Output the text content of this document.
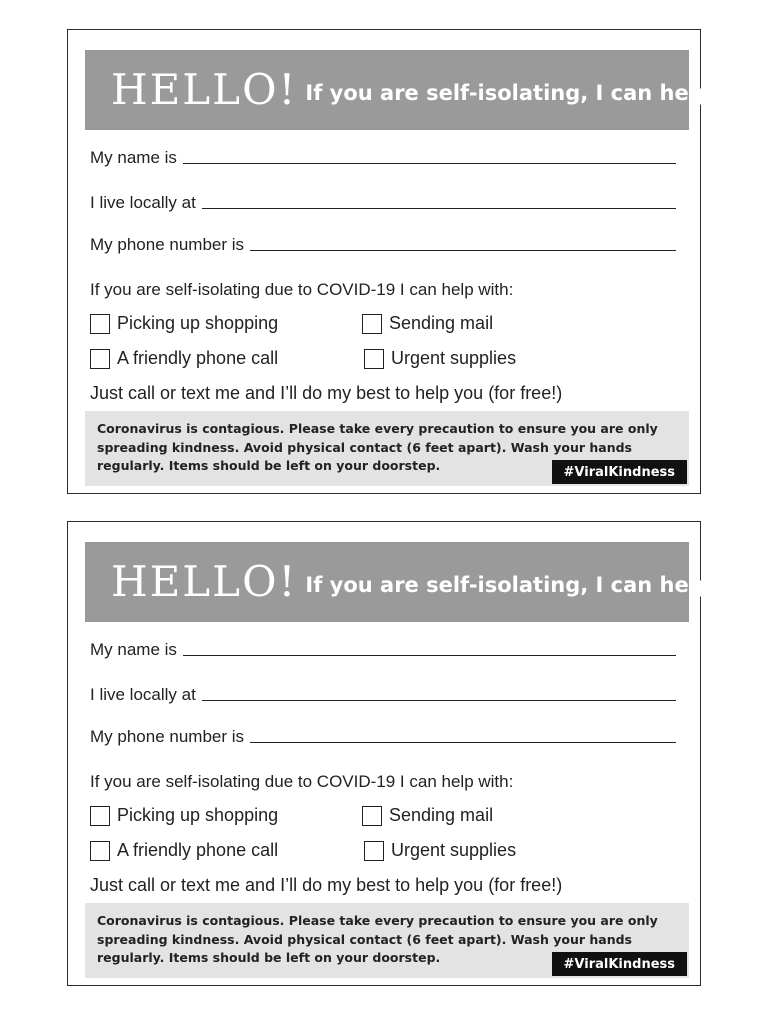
HELLO! If you are self-isolating, I can help.
My name is
I live locally at
My phone number is
If you are self-isolating due to COVID-19 I can help with:
Picking up shopping	Sending mail
A friendly phone call	Urgent supplies
Just call or text me and I’ll do my best to help you (for free!)
Coronavirus is contagious. Please take every precaution to ensure you are only spreading kindness. Avoid physical contact (6 feet apart). Wash your hands regularly. Items should be left on your doorstep.	#ViralKindness
HELLO! If you are self-isolating, I can help.
My name is
I live locally at
My phone number is
If you are self-isolating due to COVID-19 I can help with:
Picking up shopping	Sending mail
A friendly phone call	Urgent supplies
Just call or text me and I’ll do my best to help you (for free!)
Coronavirus is contagious. Please take every precaution to ensure you are only spreading kindness. Avoid physical contact (6 feet apart). Wash your hands regularly. Items should be left on your doorstep.	#ViralKindness
